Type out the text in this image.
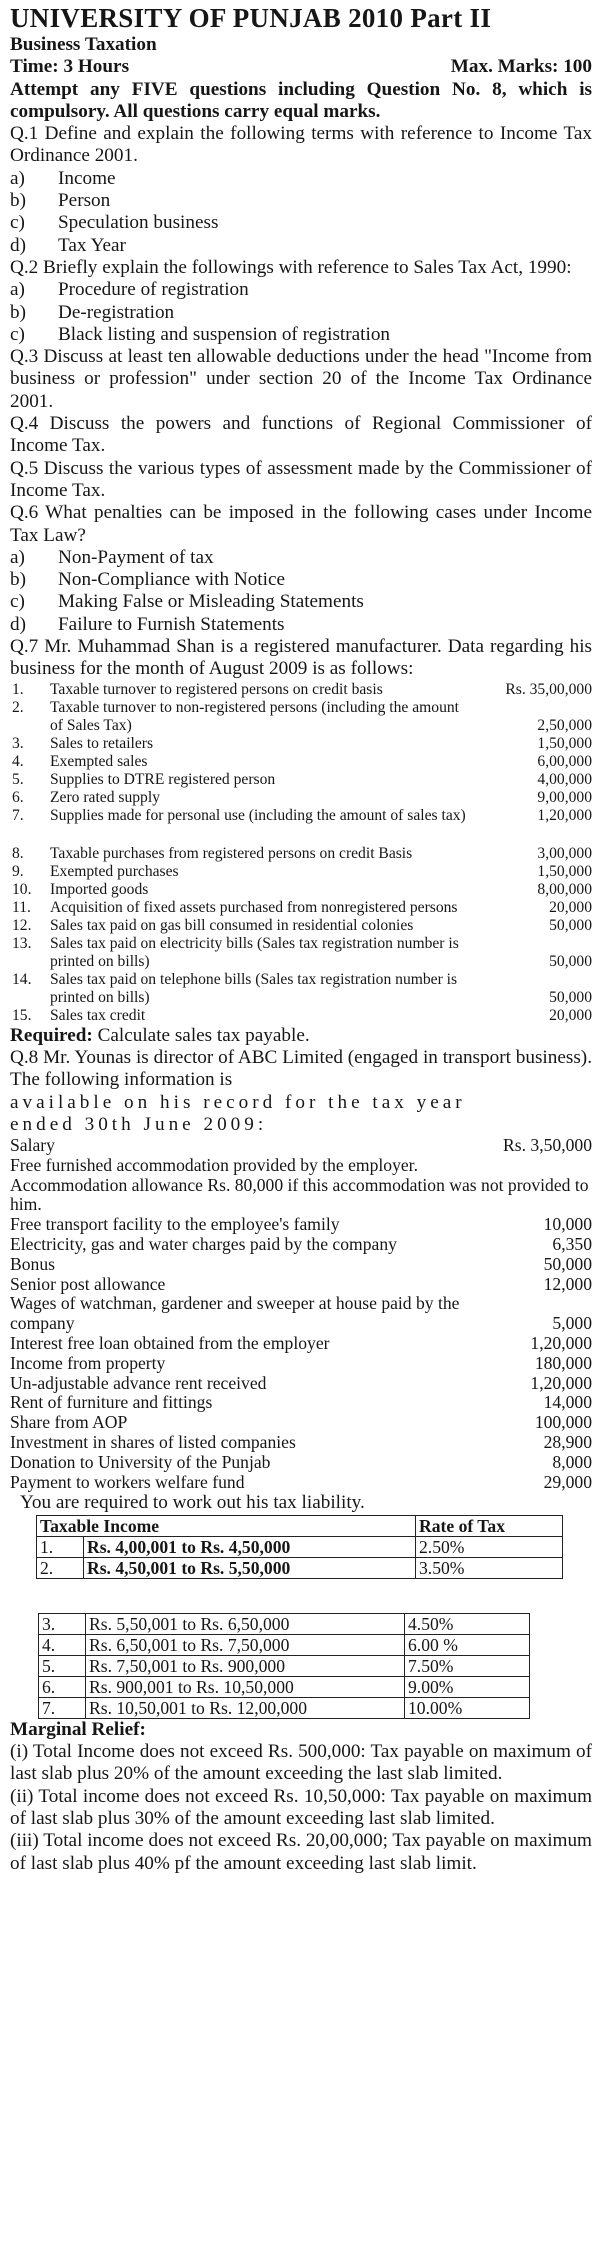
UNIVERSITY OF PUNJAB 2010 Part II
Business Taxation
Time: 3 Hours	Max. Marks: 100
Attempt any FIVE questions including Question No. 8, which is compulsory. All questions carry equal marks.
Q.1 Define and explain the following terms with reference to Income Tax Ordinance 2001.
a)	Income
b)	Person
c)	Speculation business
d)	Tax Year
Q.2 Briefly explain the followings with reference to Sales Tax Act, 1990:
a)	Procedure of registration
b)	De-registration
c)	Black listing and suspension of registration
Q.3 Discuss at least ten allowable deductions under the head "Income from business or profession" under section 20 of the Income Tax Ordinance 2001.
Q.4 Discuss the powers and functions of Regional Commissioner of Income Tax.
Q.5 Discuss the various types of assessment made by the Commissioner of Income Tax.
Q.6 What penalties can be imposed in the following cases under Income Tax Law?
a)	Non-Payment of tax
b)	Non-Compliance with Notice
c)	Making False or Misleading Statements
d)	Failure to Furnish Statements
Q.7 Mr. Muhammad Shan is a registered manufacturer. Data regarding his business for the month of August 2009 is as follows:
1.	Taxable turnover to registered persons on credit basis	Rs. 35,00,000
2.	Taxable turnover to non-registered persons (including the amount of Sales Tax)	2,50,000
3.	Sales to retailers	1,50,000
4.	Exempted sales	6,00,000
5.	Supplies to DTRE registered person	4,00,000
6.	Zero rated supply	9,00,000
7.	Supplies made for personal use (including the amount of sales tax)	1,20,000
8.	Taxable purchases from registered persons on credit Basis	3,00,000
9.	Exempted purchases	1,50,000
10.	Imported goods	8,00,000
11.	Acquisition of fixed assets purchased from nonregistered persons	20,000
12.	Sales tax paid on gas bill consumed in residential colonies	50,000
13.	Sales tax paid on electricity bills (Sales tax registration number is printed on bills)	50,000
14.	Sales tax paid on telephone bills (Sales tax registration number is printed on bills)	50,000
15.	Sales tax credit	20,000
Required: Calculate sales tax payable.
Q.8 Mr. Younas is director of ABC Limited (engaged in transport business). The following information is
available on his record for the tax year
ended 30th June 2009:
Salary	Rs. 3,50,000
Free furnished accommodation provided by the employer.
Accommodation allowance Rs. 80,000 if this accommodation was not provided to him.
Free transport facility to the employee's family	10,000
Electricity, gas and water charges paid by the company	6,350
Bonus	50,000
Senior post allowance	12,000
Wages of watchman, gardener and sweeper at house paid by the company	5,000
Interest free loan obtained from the employer	1,20,000
Income from property	180,000
Un-adjustable advance rent received	1,20,000
Rent of furniture and fittings	14,000
Share from AOP	100,000
Investment in shares of listed companies	28,900
Donation to University of the Punjab	8,000
Payment to workers welfare fund	29,000
You are required to work out his tax liability.
Taxable Income		Rate of Tax
1.	Rs. 4,00,001 to Rs. 4,50,000	2.50%
2.	Rs. 4,50,001 to Rs. 5,50,000	3.50%
3.	Rs. 5,50,001 to Rs. 6,50,000	4.50%
4.	Rs. 6,50,001 to Rs. 7,50,000	6.00 %
5.	Rs. 7,50,001 to Rs. 900,000	7.50%
6.	Rs. 900,001 to Rs. 10,50,000	9.00%
7.	Rs. 10,50,001 to Rs. 12,00,000	10.00%
Marginal Relief:
(i) Total Income does not exceed Rs. 500,000: Tax payable on maximum of last slab plus 20% of the amount exceeding the last slab limited.
(ii) Total income does not exceed Rs. 10,50,000: Tax payable on maximum of last slab plus 30% of the amount exceeding last slab limited.
(iii) Total income does not exceed Rs. 20,00,000; Tax payable on maximum of last slab plus 40% pf the amount exceeding last slab limit.
